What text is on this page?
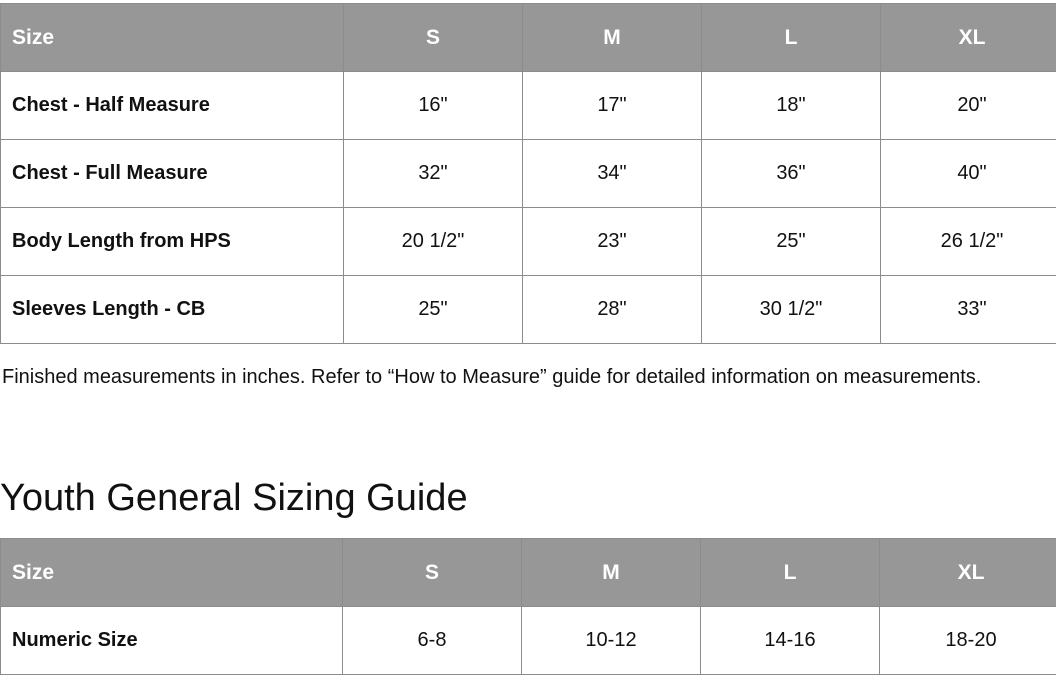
Size	S	M	L	XL
Chest - Half Measure	16"	17"	18"	20"
Chest - Full Measure	32"	34"	36"	40"
Body Length from HPS	20 1/2"	23"	25"	26 1/2"
Sleeves Length - CB	25"	28"	30 1/2"	33"
Finished measurements in inches. Refer to “How to Measure” guide for detailed information on measurements.
Youth General Sizing Guide
Size	S	M	L	XL
Numeric Size	6-8	10-12	14-16	18-20
